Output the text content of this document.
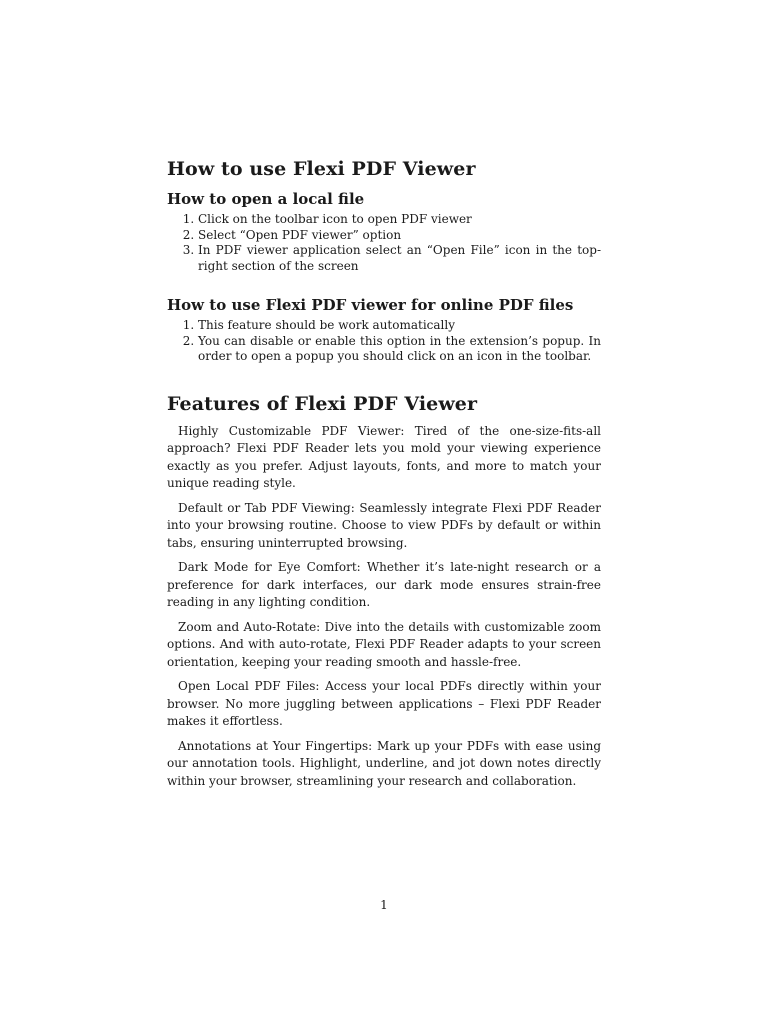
How to use Flexi PDF Viewer
How to open a local file
1. Click on the toolbar icon to open PDF viewer
2. Select “Open PDF viewer” option
3. In PDF viewer application select an “Open File” icon in the top-right section of the screen
How to use Flexi PDF viewer for online PDF files
1. This feature should be work automatically
2. You can disable or enable this option in the extension’s popup. In order to open a popup you should click on an icon in the toolbar.
Features of Flexi PDF Viewer

Highly Customizable PDF Viewer: Tired of the one-size-fits-all approach? Flexi PDF Reader lets you mold your viewing experience exactly as you prefer. Adjust layouts, fonts, and more to match your unique reading style.

Default or Tab PDF Viewing: Seamlessly integrate Flexi PDF Reader into your browsing routine. Choose to view PDFs by default or within tabs, ensuring uninterrupted browsing.

Dark Mode for Eye Comfort: Whether it’s late-night research or a preference for dark interfaces, our dark mode ensures strain-free reading in any lighting condition.

Zoom and Auto-Rotate: Dive into the details with customizable zoom options. And with auto-rotate, Flexi PDF Reader adapts to your screen orientation, keeping your reading smooth and hassle-free.

Open Local PDF Files: Access your local PDFs directly within your browser. No more juggling between applications – Flexi PDF Reader makes it effortless.

Annotations at Your Fingertips: Mark up your PDFs with ease using our annotation tools. Highlight, underline, and jot down notes directly within your browser, streamlining your research and collaboration.

1
